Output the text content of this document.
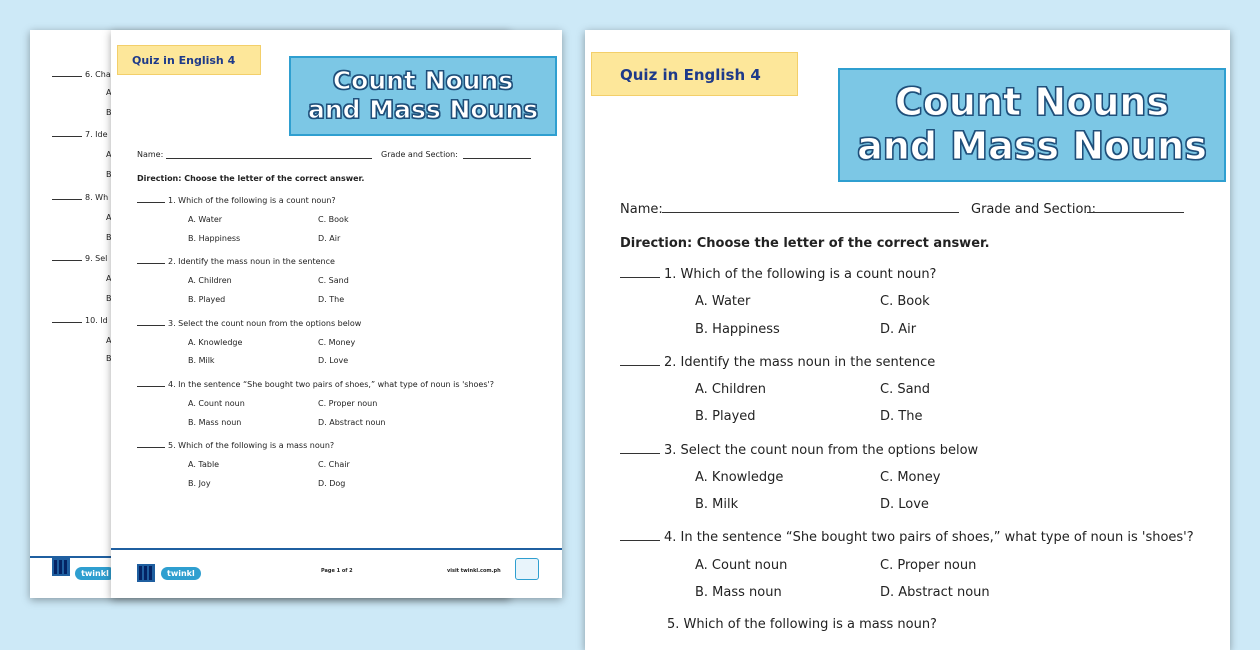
6. Cha
A
B
7. Ide
A
B
8. Wh
A
B
9. Sel
A
B
10. Id
A
B
twinkl
Quiz in English 4
Count Nouns
and Mass Nouns
Name:	Grade and Section:
Direction: Choose the letter of the correct answer.
1. Which of the following is a count noun?
A. Water	C. Book
B. Happiness	D. Air
2. Identify the mass noun in the sentence
A. Children	C. Sand
B. Played	D. The
3. Select the count noun from the options below
A. Knowledge	C. Money
B. Milk	D. Love
4. In the sentence “She bought two pairs of shoes,” what type of noun is 'shoes'?
A. Count noun	C. Proper noun
B. Mass noun	D. Abstract noun
5. Which of the following is a mass noun?
A. Table	C. Chair
B. Joy	D. Dog
twinkl	Page 1 of 2	visit twinkl.com.ph
Quiz in English 4
Count Nouns
and Mass Nouns
Name:	Grade and Section:
Direction: Choose the letter of the correct answer.
1. Which of the following is a count noun?
A. Water	C. Book
B. Happiness	D. Air
2. Identify the mass noun in the sentence
A. Children	C. Sand
B. Played	D. The
3. Select the count noun from the options below
A. Knowledge	C. Money
B. Milk	D. Love
4. In the sentence “She bought two pairs of shoes,” what type of noun is 'shoes'?
A. Count noun	C. Proper noun
B. Mass noun	D. Abstract noun
5. Which of the following is a mass noun?
